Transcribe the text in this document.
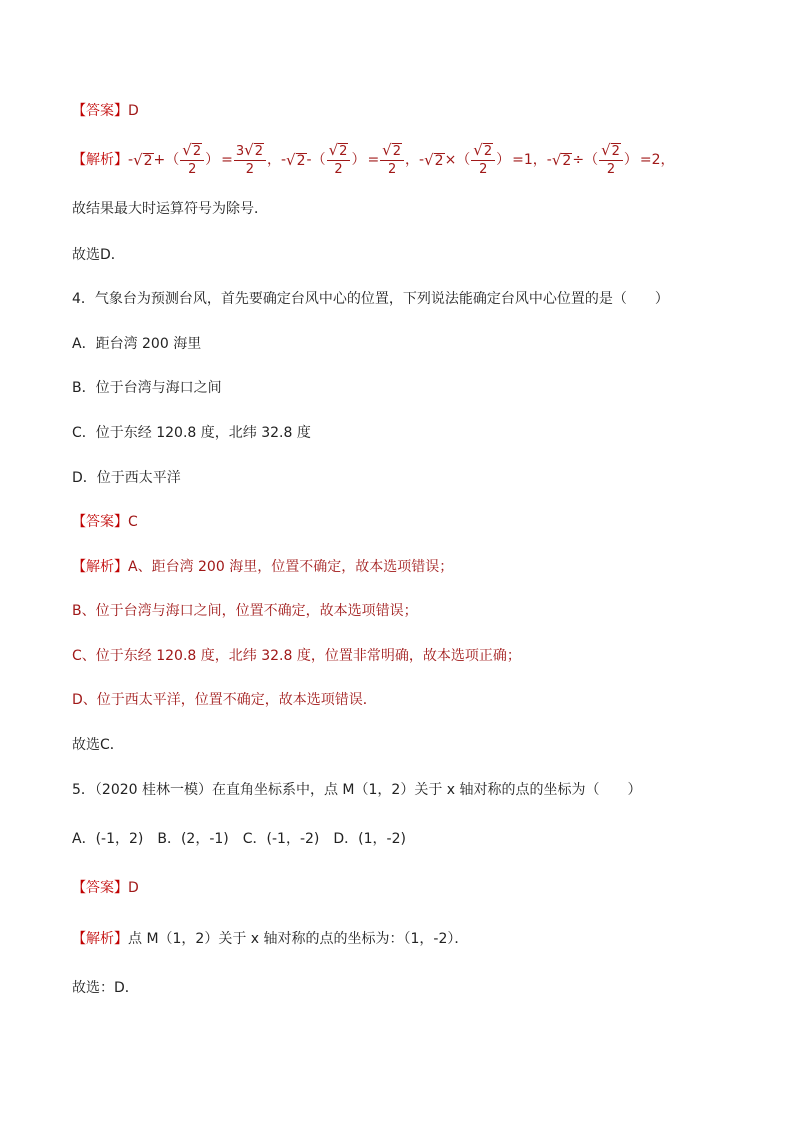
【答案】D
【解析】 - √ 2 + （ $\frac{√ 2}{2}$ ） = $\frac{3 √ 2}{2}$ ， - √ 2 - （ $\frac{√ 2}{2}$ ） = $\frac{√ 2}{2}$ ， - √ 2 × （ $\frac{√ 2}{2}$ ） =1 ， - √ 2 ÷ （ $\frac{√ 2}{2}$ ） =2，
故结果最大时运算符号为除号．
故选D．
4．气象台为预测台风，首先要确定台风中心的位置，下列说法能确定台风中心位置的是（　　）
A．距台湾 200 海里
B．位于台湾与海口之间
C．位于东经 120.8 度，北纬 32.8 度
D．位于西太平洋
【答案】C
【解析】A、距台湾 200 海里，位置不确定，故本选项错误；
B、位于台湾与海口之间，位置不确定，故本选项错误；
C、位于东经 120.8 度，北纬 32.8 度，位置非常明确，故本选项正确；
D、位于西太平洋，位置不确定，故本选项错误．
故选C．
5．（2020 桂林一模）在直角坐标系中，点 M（1，2）关于 x 轴对称的点的坐标为（　　）
A．(-1，2)　B．(2，-1)　C．(-1，-2)　D．(1，-2)
【答案】D
【解析】点 M（1，2）关于 x 轴对称的点的坐标为：（1，-2）．
故选：D．
